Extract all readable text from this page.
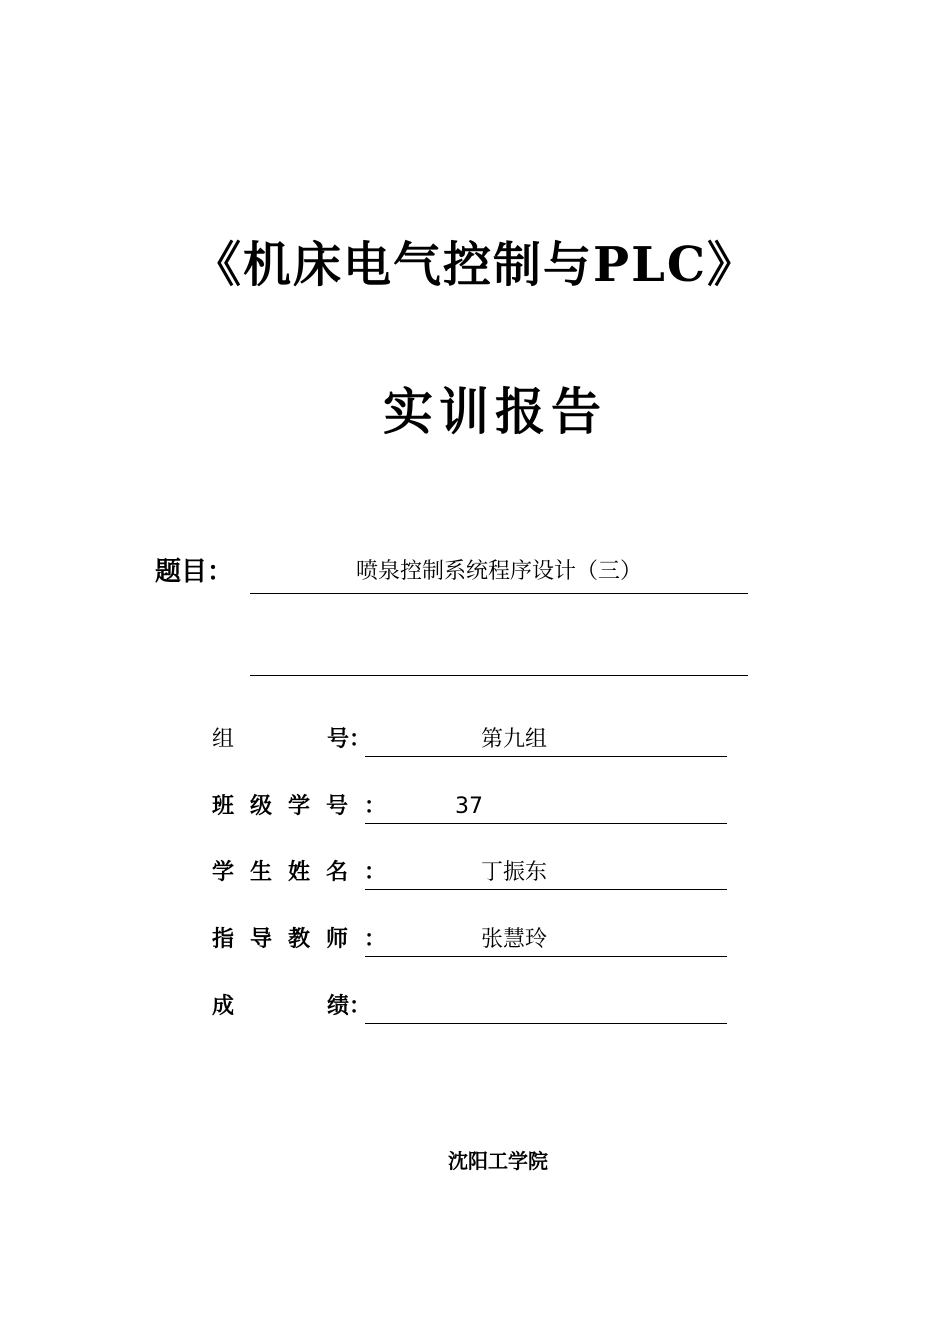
《机床电气控制与PLC》
实训报告
题目：	喷泉控制系统程序设计（三）
组	号：	第九组
班级学号： 37
学生姓名：	丁振东
指导教师：	张慧玲
成	绩：
沈阳工学院
